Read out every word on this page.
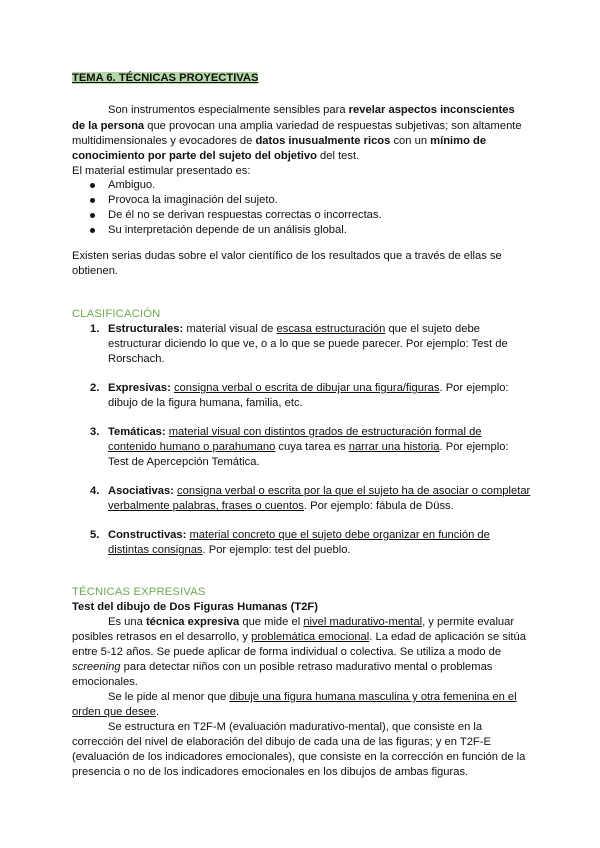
TEMA 6. TÉCNICAS PROYECTIVAS
Son instrumentos especialmente sensibles para revelar aspectos inconscientes
de la persona que provocan una amplia variedad de respuestas subjetivas; son altamente
multidimensionales y evocadores de datos inusualmente ricos con un mínimo de
conocimiento por parte del sujeto del objetivo del test.
El material estimular presentado es:
Ambiguo.
Provoca la imaginación del sujeto.
De él no se derivan respuestas correctas o incorrectas.
Su interpretación depende de un análisis global.
Existen serias dudas sobre el valor científico de los resultados que a través de ellas se
obtienen.
CLASIFICACIÓN
1. Estructurales: material visual de escasa estructuración que el sujeto debe
estructurar diciendo lo que ve, o a lo que se puede parecer. Por ejemplo: Test de
Rorschach.
2. Expresivas: consigna verbal o escrita de dibujar una figura/figuras. Por ejemplo:
dibujo de la figura humana, familia, etc.
3. Temáticas: material visual con distintos grados de estructuración formal de
contenido humano o parahumano cuya tarea es narrar una historia. Por ejemplo:
Test de Apercepción Temática.
4. Asociativas: consigna verbal o escrita por la que el sujeto ha de asociar o completar
verbalmente palabras, frases o cuentos. Por ejemplo: fábula de Düss.
5. Constructivas: material concreto que el sujeto debe organizar en función de
distintas consignas. Por ejemplo: test del pueblo.
TÉCNICAS EXPRESIVAS
Test del dibujo de Dos Figuras Humanas (T2F)
Es una técnica expresiva que mide el nivel madurativo-mental, y permite evaluar
posibles retrasos en el desarrollo, y problemática emocional. La edad de aplicación se sitúa
entre 5-12 años. Se puede aplicar de forma individual o colectiva. Se utiliza a modo de
screening para detectar niños con un posible retraso madurativo mental o problemas
emocionales.
Se le pide al menor que dibuje una figura humana masculina y otra femenina en el
orden que desee.
Se estructura en T2F-M (evaluación madurativo-mental), que consiste en la
corrección del nivel de elaboración del dibujo de cada una de las figuras; y en T2F-E
(evaluación de los indicadores emocionales), que consiste en la corrección en función de la
presencia o no de los indicadores emocionales en los dibujos de ambas figuras.
